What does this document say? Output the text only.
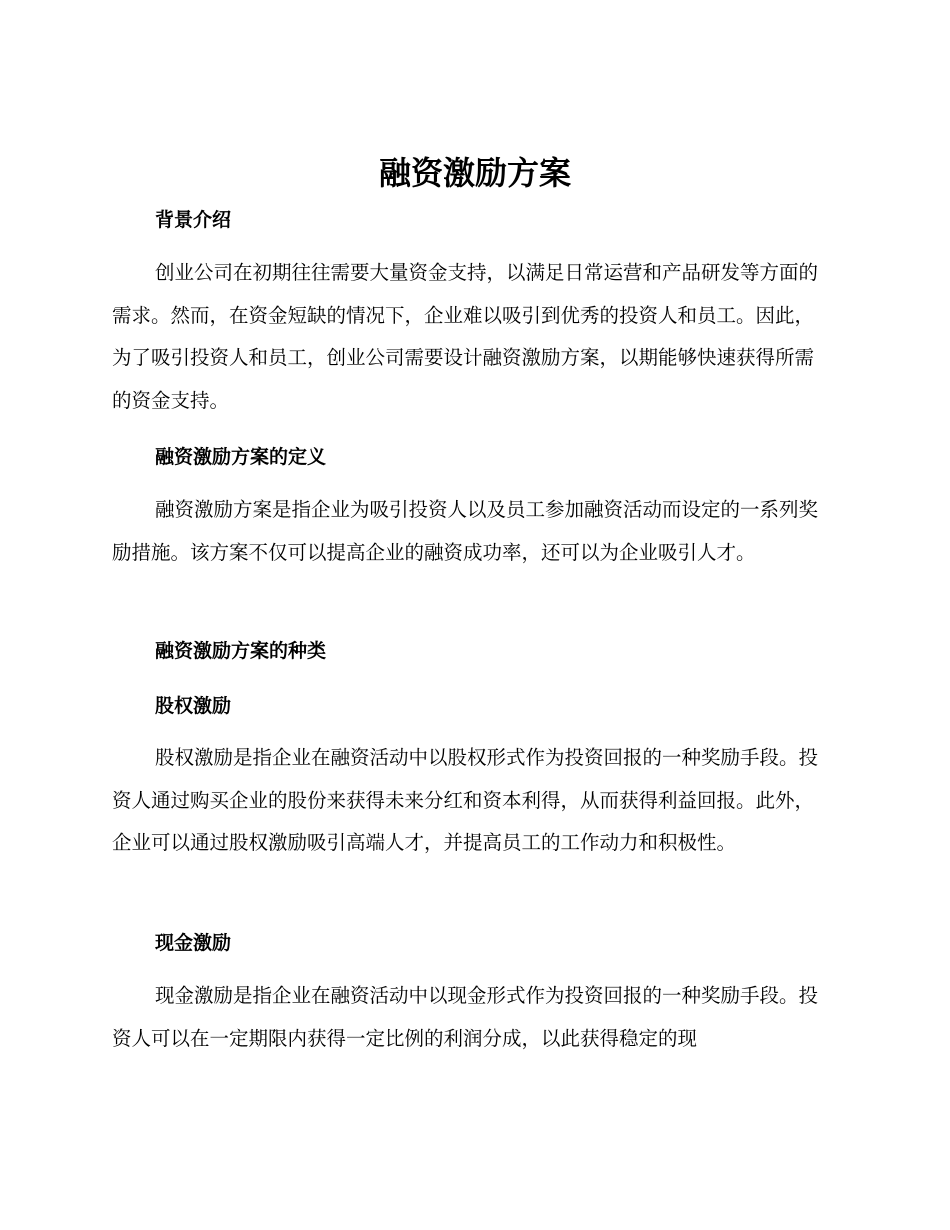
融资激励方案
背景介绍

创业公司在初期往往需要大量资金支持，以满足日常运营和产品研发等方面的需求。然而，在资金短缺的情况下，企业难以吸引到优秀的投资人和员工。因此，为了吸引投资人和员工，创业公司需要设计融资激励方案，以期能够快速获得所需的资金支持。

融资激励方案的定义

融资激励方案是指企业为吸引投资人以及员工参加融资活动而设定的一系列奖励措施。该方案不仅可以提高企业的融资成功率，还可以为企业吸引人才。

融资激励方案的种类
股权激励

股权激励是指企业在融资活动中以股权形式作为投资回报的一种奖励手段。投资人通过购买企业的股份来获得未来分红和资本利得，从而获得利益回报。此外，企业可以通过股权激励吸引高端人才，并提高员工的工作动力和积极性。

现金激励

现金激励是指企业在融资活动中以现金形式作为投资回报的一种奖励手段。投资人可以在一定期限内获得一定比例的利润分成，以此获得稳定的现
